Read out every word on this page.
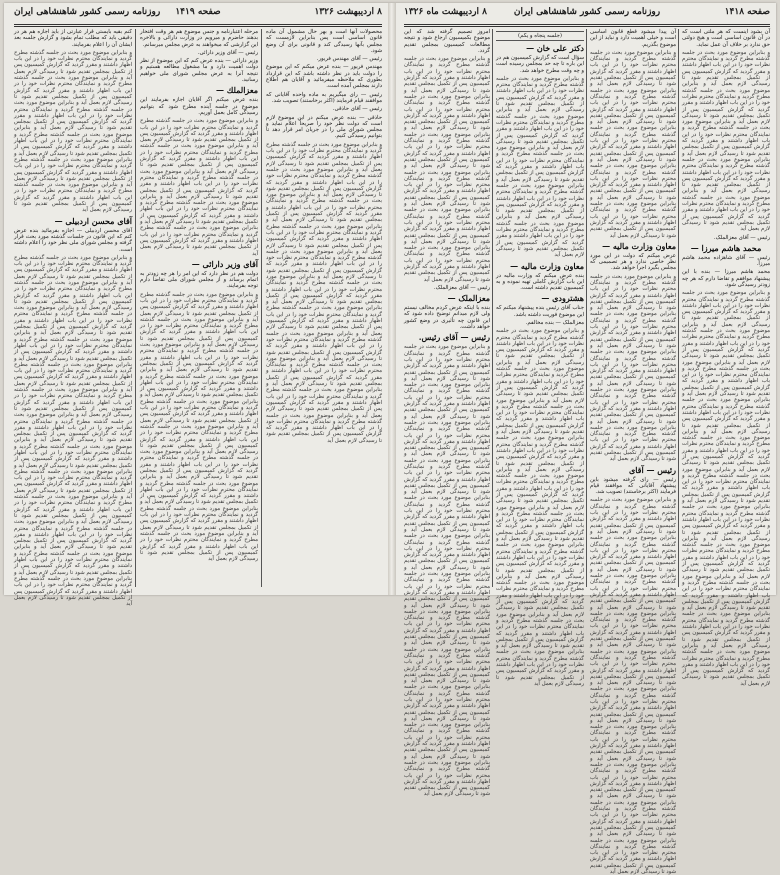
۸ اردیبهشت ۱۳۲۶
صفحه ۱۴۱۹
روزنامه رسمی کشور شاهنشاهی ایران
محصولات آنها است و بهر حال مشمول آن ماده قانون اساسی است پس بنابراین لازمست که مجلس بآنها رسیدگی کند و قانونی برای آن وضع شود.
رئیس — آقای مهندس فریور.
مهندس فریور — بنده عرض میکنم که این موضوع را دولت باید در نظر داشته باشد که این قرارداد بطوری که ملاحظه میفرمائید و آقایان هم اطلاع دارند بمجلس آمده است.
رئیس — رای میگیریم به ماده واحده آقایانی که موافقند قیام فرمایند (اکثر برخاستند) تصویب شد.
رئیس — آقای حاذقی.
حاذقی — بنده عرض میکنم در این موضوع لازم است که دولت نظر خود را صریحاً اعلام نماید و مجلس شورای ملی را در جریان امر قرار دهد تا بتوانیم رسیدگی کنیم.
و بنابراین موضوع مورد بحث در جلسه گذشته مطرح گردید و نمایندگان محترم نظرات خود را در این باب اظهار داشتند و مقرر گردید که گزارش کمیسیون پس از تکمیل بمجلس تقدیم شود تا رسیدگی لازم بعمل آید و بنابراین موضوع مورد بحث در جلسه گذشته مطرح گردید و نمایندگان محترم نظرات خود را در این باب اظهار داشتند و مقرر گردید که گزارش کمیسیون پس از تکمیل بمجلس تقدیم شود تا رسیدگی لازم بعمل آید و بنابراین موضوع مورد بحث در جلسه گذشته مطرح گردید و نمایندگان محترم نظرات خود را در این باب اظهار داشتند و مقرر گردید که گزارش کمیسیون پس از تکمیل بمجلس تقدیم شود تا رسیدگی لازم بعمل آید و بنابراین موضوع مورد بحث در جلسه گذشته مطرح گردید و نمایندگان محترم نظرات خود را در این باب اظهار داشتند و مقرر گردید که گزارش کمیسیون پس از تکمیل بمجلس تقدیم شود تا رسیدگی لازم بعمل آید و بنابراین موضوع مورد بحث در جلسه گذشته مطرح گردید و نمایندگان محترم نظرات خود را در این باب اظهار داشتند و مقرر گردید که گزارش کمیسیون پس از تکمیل بمجلس تقدیم شود تا رسیدگی لازم بعمل آید و بنابراین موضوع مورد بحث در جلسه گذشته مطرح گردید و نمایندگان محترم نظرات خود را در این باب اظهار داشتند و مقرر گردید که گزارش کمیسیون پس از تکمیل بمجلس تقدیم شود تا رسیدگی لازم بعمل آید و بنابراین موضوع مورد بحث در جلسه گذشته مطرح گردید و نمایندگان محترم نظرات خود را در این باب اظهار داشتند و مقرر گردید که گزارش کمیسیون پس از تکمیل بمجلس تقدیم شود تا رسیدگی لازم بعمل آید و بنابراین موضوع مورد بحث در جلسه گذشته مطرح گردید و نمایندگان محترم نظرات خود را در این باب اظهار داشتند و مقرر گردید که گزارش کمیسیون پس از تکمیل بمجلس تقدیم شود تا رسیدگی لازم بعمل آید و بنابراین موضوع مورد بحث در جلسه گذشته مطرح گردید و نمایندگان محترم نظرات خود را در این باب اظهار داشتند و مقرر گردید که گزارش کمیسیون پس از تکمیل بمجلس تقدیم شود تا رسیدگی لازم بعمل آید و بنابراین موضوع مورد بحث در جلسه گذشته مطرح گردید و نمایندگان محترم نظرات خود را در این باب اظهار داشتند و مقرر گردید که گزارش کمیسیون پس از تکمیل بمجلس تقدیم شود تا رسیدگی لازم بعمل آید و بنابراین موضوع مورد بحث در جلسه گذشته مطرح گردید و نمایندگان محترم نظرات خود را در این باب اظهار داشتند و مقرر گردید که گزارش کمیسیون پس از تکمیل بمجلس تقدیم شود تا رسیدگی لازم بعمل آید
مرحله اعتبارنامه و جنس موضوع هم هر وقت افتخار بدهند حاضرم و میرویم در وزارت دارائی و بالاخره این گزارشی که میخواهند به عرض مجلس میرسانم.
رئیس — آقای وزیر دارائی.
وزیر دارائی — بنده عرض کنم که این موضوع از نظر دولت اهمیت دارد و ما مشغول مطالعه هستیم و نتیجه آنرا به عرض مجلس شورای ملی خواهیم رسانید.
معزالملك —
بنده عرض میکنم اگر آقایان اجازه بفرمایند این موضوع در جلسه آینده مطرح شود که بتوانیم رسیدگی کامل بعمل آوریم.
و بنابراین موضوع مورد بحث در جلسه گذشته مطرح گردید و نمایندگان محترم نظرات خود را در این باب اظهار داشتند و مقرر گردید که گزارش کمیسیون پس از تکمیل بمجلس تقدیم شود تا رسیدگی لازم بعمل آید و بنابراین موضوع مورد بحث در جلسه گذشته مطرح گردید و نمایندگان محترم نظرات خود را در این باب اظهار داشتند و مقرر گردید که گزارش کمیسیون پس از تکمیل بمجلس تقدیم شود تا رسیدگی لازم بعمل آید و بنابراین موضوع مورد بحث در جلسه گذشته مطرح گردید و نمایندگان محترم نظرات خود را در این باب اظهار داشتند و مقرر گردید که گزارش کمیسیون پس از تکمیل بمجلس تقدیم شود تا رسیدگی لازم بعمل آید و بنابراین موضوع مورد بحث در جلسه گذشته مطرح گردید و نمایندگان محترم نظرات خود را در این باب اظهار داشتند و مقرر گردید که گزارش کمیسیون پس از تکمیل بمجلس تقدیم شود تا رسیدگی لازم بعمل آید و بنابراین موضوع مورد بحث در جلسه گذشته مطرح گردید و نمایندگان محترم نظرات خود را در این باب اظهار داشتند و مقرر گردید که گزارش کمیسیون پس از تکمیل بمجلس تقدیم شود تا رسیدگی لازم بعمل آید
آقای وزیر دارائی —
دولت هم در نظر دارد که این امر را هر چه زودتر به اتمام برساند و از مجلس شورای ملی تقاضا دارم توجه بفرمایند.
و بنابراین موضوع مورد بحث در جلسه گذشته مطرح گردید و نمایندگان محترم نظرات خود را در این باب اظهار داشتند و مقرر گردید که گزارش کمیسیون پس از تکمیل بمجلس تقدیم شود تا رسیدگی لازم بعمل آید و بنابراین موضوع مورد بحث در جلسه گذشته مطرح گردید و نمایندگان محترم نظرات خود را در این باب اظهار داشتند و مقرر گردید که گزارش کمیسیون پس از تکمیل بمجلس تقدیم شود تا رسیدگی لازم بعمل آید و بنابراین موضوع مورد بحث در جلسه گذشته مطرح گردید و نمایندگان محترم نظرات خود را در این باب اظهار داشتند و مقرر گردید که گزارش کمیسیون پس از تکمیل بمجلس تقدیم شود تا رسیدگی لازم بعمل آید و بنابراین موضوع مورد بحث در جلسه گذشته مطرح گردید و نمایندگان محترم نظرات خود را در این باب اظهار داشتند و مقرر گردید که گزارش کمیسیون پس از تکمیل بمجلس تقدیم شود تا رسیدگی لازم بعمل آید و بنابراین موضوع مورد بحث در جلسه گذشته مطرح گردید و نمایندگان محترم نظرات خود را در این باب اظهار داشتند و مقرر گردید که گزارش کمیسیون پس از تکمیل بمجلس تقدیم شود تا رسیدگی لازم بعمل آید و بنابراین موضوع مورد بحث در جلسه گذشته مطرح گردید و نمایندگان محترم نظرات خود را در این باب اظهار داشتند و مقرر گردید که گزارش کمیسیون پس از تکمیل بمجلس تقدیم شود تا رسیدگی لازم بعمل آید و بنابراین موضوع مورد بحث در جلسه گذشته مطرح گردید و نمایندگان محترم نظرات خود را در این باب اظهار داشتند و مقرر گردید که گزارش کمیسیون پس از تکمیل بمجلس تقدیم شود تا رسیدگی لازم بعمل آید و بنابراین موضوع مورد بحث در جلسه گذشته مطرح گردید و نمایندگان محترم نظرات خود را در این باب اظهار داشتند و مقرر گردید که گزارش کمیسیون پس از تکمیل بمجلس تقدیم شود تا رسیدگی لازم بعمل آید و بنابراین موضوع مورد بحث در جلسه گذشته مطرح گردید و نمایندگان محترم نظرات خود را در این باب اظهار داشتند و مقرر گردید که گزارش کمیسیون پس از تکمیل بمجلس تقدیم شود تا رسیدگی لازم بعمل آید و بنابراین موضوع مورد بحث در جلسه گذشته مطرح گردید و نمایندگان محترم نظرات خود را در این باب اظهار داشتند و مقرر گردید که گزارش کمیسیون پس از تکمیل بمجلس تقدیم شود تا رسیدگی لازم بعمل آید
کنم بقیه بایستی قرار عبارتی از باید اجازه هم هر در دقیقی باید که مطلب تمام بشود و گزارش جلسه بعد ایشان آن را اعلام بفرمایند.
و بنابراین موضوع مورد بحث در جلسه گذشته مطرح گردید و نمایندگان محترم نظرات خود را در این باب اظهار داشتند و مقرر گردید که گزارش کمیسیون پس از تکمیل بمجلس تقدیم شود تا رسیدگی لازم بعمل آید و بنابراین موضوع مورد بحث در جلسه گذشته مطرح گردید و نمایندگان محترم نظرات خود را در این باب اظهار داشتند و مقرر گردید که گزارش کمیسیون پس از تکمیل بمجلس تقدیم شود تا رسیدگی لازم بعمل آید و بنابراین موضوع مورد بحث در جلسه گذشته مطرح گردید و نمایندگان محترم نظرات خود را در این باب اظهار داشتند و مقرر گردید که گزارش کمیسیون پس از تکمیل بمجلس تقدیم شود تا رسیدگی لازم بعمل آید و بنابراین موضوع مورد بحث در جلسه گذشته مطرح گردید و نمایندگان محترم نظرات خود را در این باب اظهار داشتند و مقرر گردید که گزارش کمیسیون پس از تکمیل بمجلس تقدیم شود تا رسیدگی لازم بعمل آید و بنابراین موضوع مورد بحث در جلسه گذشته مطرح گردید و نمایندگان محترم نظرات خود را در این باب اظهار داشتند و مقرر گردید که گزارش کمیسیون پس از تکمیل بمجلس تقدیم شود تا رسیدگی لازم بعمل آید و بنابراین موضوع مورد بحث در جلسه گذشته مطرح گردید و نمایندگان محترم نظرات خود را در این باب اظهار داشتند و مقرر گردید که گزارش کمیسیون پس از تکمیل بمجلس تقدیم شود تا رسیدگی لازم بعمل آید
آقای محسن اردبیلی —
آقای محسن اردبیلی — اجازه بفرمائید بنده عرض کنم که این قانون در جلسات گذشته مورد بحث قرار گرفته و مجلس شورای ملی نظر خود را اعلام داشته است.
و بنابراین موضوع مورد بحث در جلسه گذشته مطرح گردید و نمایندگان محترم نظرات خود را در این باب اظهار داشتند و مقرر گردید که گزارش کمیسیون پس از تکمیل بمجلس تقدیم شود تا رسیدگی لازم بعمل آید و بنابراین موضوع مورد بحث در جلسه گذشته مطرح گردید و نمایندگان محترم نظرات خود را در این باب اظهار داشتند و مقرر گردید که گزارش کمیسیون پس از تکمیل بمجلس تقدیم شود تا رسیدگی لازم بعمل آید و بنابراین موضوع مورد بحث در جلسه گذشته مطرح گردید و نمایندگان محترم نظرات خود را در این باب اظهار داشتند و مقرر گردید که گزارش کمیسیون پس از تکمیل بمجلس تقدیم شود تا رسیدگی لازم بعمل آید و بنابراین موضوع مورد بحث در جلسه گذشته مطرح گردید و نمایندگان محترم نظرات خود را در این باب اظهار داشتند و مقرر گردید که گزارش کمیسیون پس از تکمیل بمجلس تقدیم شود تا رسیدگی لازم بعمل آید و بنابراین موضوع مورد بحث در جلسه گذشته مطرح گردید و نمایندگان محترم نظرات خود را در این باب اظهار داشتند و مقرر گردید که گزارش کمیسیون پس از تکمیل بمجلس تقدیم شود تا رسیدگی لازم بعمل آید و بنابراین موضوع مورد بحث در جلسه گذشته مطرح گردید و نمایندگان محترم نظرات خود را در این باب اظهار داشتند و مقرر گردید که گزارش کمیسیون پس از تکمیل بمجلس تقدیم شود تا رسیدگی لازم بعمل آید و بنابراین موضوع مورد بحث در جلسه گذشته مطرح گردید و نمایندگان محترم نظرات خود را در این باب اظهار داشتند و مقرر گردید که گزارش کمیسیون پس از تکمیل بمجلس تقدیم شود تا رسیدگی لازم بعمل آید و بنابراین موضوع مورد بحث در جلسه گذشته مطرح گردید و نمایندگان محترم نظرات خود را در این باب اظهار داشتند و مقرر گردید که گزارش کمیسیون پس از تکمیل بمجلس تقدیم شود تا رسیدگی لازم بعمل آید و بنابراین موضوع مورد بحث در جلسه گذشته مطرح گردید و نمایندگان محترم نظرات خود را در این باب اظهار داشتند و مقرر گردید که گزارش کمیسیون پس از تکمیل بمجلس تقدیم شود تا رسیدگی لازم بعمل آید و بنابراین موضوع مورد بحث در جلسه گذشته مطرح گردید و نمایندگان محترم نظرات خود را در این باب اظهار داشتند و مقرر گردید که گزارش کمیسیون پس از تکمیل بمجلس تقدیم شود تا رسیدگی لازم بعمل آید و بنابراین موضوع مورد بحث در جلسه گذشته مطرح گردید و نمایندگان محترم نظرات خود را در این باب اظهار داشتند و مقرر گردید که گزارش کمیسیون پس از تکمیل بمجلس تقدیم شود تا رسیدگی لازم بعمل آید و بنابراین موضوع مورد بحث در جلسه گذشته مطرح گردید و نمایندگان محترم نظرات خود را در این باب اظهار داشتند و مقرر گردید که گزارش کمیسیون پس از تکمیل بمجلس تقدیم شود تا رسیدگی لازم بعمل آید و بنابراین موضوع مورد بحث در جلسه گذشته مطرح گردید و نمایندگان محترم نظرات خود را در این باب اظهار داشتند و مقرر گردید که گزارش کمیسیون پس از تکمیل بمجلس تقدیم شود تا رسیدگی لازم بعمل آید
صفحه ۱۴۱۸
روزنامه رسمی کشور شاهنشاهی ایران
۸ اردیبهشت ماه ۱۳۲۶
آن بشود اینست که هر ملتی است که در آن قانون اساسی است و هیچ دولتی حق ندارد بر خلاف آن عمل نماید.
و بنابراین موضوع مورد بحث در جلسه گذشته مطرح گردید و نمایندگان محترم نظرات خود را در این باب اظهار داشتند و مقرر گردید که گزارش کمیسیون پس از تکمیل بمجلس تقدیم شود تا رسیدگی لازم بعمل آید و بنابراین موضوع مورد بحث در جلسه گذشته مطرح گردید و نمایندگان محترم نظرات خود را در این باب اظهار داشتند و مقرر گردید که گزارش کمیسیون پس از تکمیل بمجلس تقدیم شود تا رسیدگی لازم بعمل آید و بنابراین موضوع مورد بحث در جلسه گذشته مطرح گردید و نمایندگان محترم نظرات خود را در این باب اظهار داشتند و مقرر گردید که گزارش کمیسیون پس از تکمیل بمجلس تقدیم شود تا رسیدگی لازم بعمل آید و بنابراین موضوع مورد بحث در جلسه گذشته مطرح گردید و نمایندگان محترم نظرات خود را در این باب اظهار داشتند و مقرر گردید که گزارش کمیسیون پس از تکمیل بمجلس تقدیم شود تا رسیدگی لازم بعمل آید و بنابراین موضوع مورد بحث در جلسه گذشته مطرح گردید و نمایندگان محترم نظرات خود را در این باب اظهار داشتند و مقرر گردید که گزارش کمیسیون پس از تکمیل بمجلس تقدیم شود تا رسیدگی لازم بعمل آید
رئیس — آقای معزالملک.
محمد هاشم میرزا —
رئیس — آقای شاهزاده محمد هاشم میرزا.
محمد هاشم میرزا — بنده با این پیشنهاد موافقم و تقاضا دارم که هر چه زودتر رسیدگی شود.
و بنابراین موضوع مورد بحث در جلسه گذشته مطرح گردید و نمایندگان محترم نظرات خود را در این باب اظهار داشتند و مقرر گردید که گزارش کمیسیون پس از تکمیل بمجلس تقدیم شود تا رسیدگی لازم بعمل آید و بنابراین موضوع مورد بحث در جلسه گذشته مطرح گردید و نمایندگان محترم نظرات خود را در این باب اظهار داشتند و مقرر گردید که گزارش کمیسیون پس از تکمیل بمجلس تقدیم شود تا رسیدگی لازم بعمل آید و بنابراین موضوع مورد بحث در جلسه گذشته مطرح گردید و نمایندگان محترم نظرات خود را در این باب اظهار داشتند و مقرر گردید که گزارش کمیسیون پس از تکمیل بمجلس تقدیم شود تا رسیدگی لازم بعمل آید و بنابراین موضوع مورد بحث در جلسه گذشته مطرح گردید و نمایندگان محترم نظرات خود را در این باب اظهار داشتند و مقرر گردید که گزارش کمیسیون پس از تکمیل بمجلس تقدیم شود تا رسیدگی لازم بعمل آید و بنابراین موضوع مورد بحث در جلسه گذشته مطرح گردید و نمایندگان محترم نظرات خود را در این باب اظهار داشتند و مقرر گردید که گزارش کمیسیون پس از تکمیل بمجلس تقدیم شود تا رسیدگی لازم بعمل آید و بنابراین موضوع مورد بحث در جلسه گذشته مطرح گردید و نمایندگان محترم نظرات خود را در این باب اظهار داشتند و مقرر گردید که گزارش کمیسیون پس از تکمیل بمجلس تقدیم شود تا رسیدگی لازم بعمل آید و بنابراین موضوع مورد بحث در جلسه گذشته مطرح گردید و نمایندگان محترم نظرات خود را در این باب اظهار داشتند و مقرر گردید که گزارش کمیسیون پس از تکمیل بمجلس تقدیم شود تا رسیدگی لازم بعمل آید و بنابراین موضوع مورد بحث در جلسه گذشته مطرح گردید و نمایندگان محترم نظرات خود را در این باب اظهار داشتند و مقرر گردید که گزارش کمیسیون پس از تکمیل بمجلس تقدیم شود تا رسیدگی لازم بعمل آید و بنابراین موضوع مورد بحث در جلسه گذشته مطرح گردید و نمایندگان محترم نظرات خود را در این باب اظهار داشتند و مقرر گردید که گزارش کمیسیون پس از تکمیل بمجلس تقدیم شود تا رسیدگی لازم بعمل آید و بنابراین موضوع مورد بحث در جلسه گذشته مطرح گردید و نمایندگان محترم نظرات خود را در این باب اظهار داشتند و مقرر گردید که گزارش کمیسیون پس از تکمیل بمجلس تقدیم شود تا رسیدگی لازم بعمل آید و بنابراین موضوع مورد بحث در جلسه گذشته مطرح گردید و نمایندگان محترم نظرات خود را در این باب اظهار داشتند و مقرر گردید که گزارش کمیسیون پس از تکمیل بمجلس تقدیم شود تا رسیدگی لازم بعمل آید
آن پیدا میشود قطع قانون اساسی است و خیلی اهمیت دارد و نباید از این موضوع بگذریم.
و بنابراین موضوع مورد بحث در جلسه گذشته مطرح گردید و نمایندگان محترم نظرات خود را در این باب اظهار داشتند و مقرر گردید که گزارش کمیسیون پس از تکمیل بمجلس تقدیم شود تا رسیدگی لازم بعمل آید و بنابراین موضوع مورد بحث در جلسه گذشته مطرح گردید و نمایندگان محترم نظرات خود را در این باب اظهار داشتند و مقرر گردید که گزارش کمیسیون پس از تکمیل بمجلس تقدیم شود تا رسیدگی لازم بعمل آید و بنابراین موضوع مورد بحث در جلسه گذشته مطرح گردید و نمایندگان محترم نظرات خود را در این باب اظهار داشتند و مقرر گردید که گزارش کمیسیون پس از تکمیل بمجلس تقدیم شود تا رسیدگی لازم بعمل آید و بنابراین موضوع مورد بحث در جلسه گذشته مطرح گردید و نمایندگان محترم نظرات خود را در این باب اظهار داشتند و مقرر گردید که گزارش کمیسیون پس از تکمیل بمجلس تقدیم شود تا رسیدگی لازم بعمل آید و بنابراین موضوع مورد بحث در جلسه گذشته مطرح گردید و نمایندگان محترم نظرات خود را در این باب اظهار داشتند و مقرر گردید که گزارش کمیسیون پس از تکمیل بمجلس تقدیم شود تا رسیدگی لازم بعمل آید
معاون وزارت مالیه —
عرض میکنم که دولت در این مورد نظر خاصی ندارد و هر تصمیمی که مجلس بگیرد اجرا خواهد شد.
و بنابراین موضوع مورد بحث در جلسه گذشته مطرح گردید و نمایندگان محترم نظرات خود را در این باب اظهار داشتند و مقرر گردید که گزارش کمیسیون پس از تکمیل بمجلس تقدیم شود تا رسیدگی لازم بعمل آید و بنابراین موضوع مورد بحث در جلسه گذشته مطرح گردید و نمایندگان محترم نظرات خود را در این باب اظهار داشتند و مقرر گردید که گزارش کمیسیون پس از تکمیل بمجلس تقدیم شود تا رسیدگی لازم بعمل آید و بنابراین موضوع مورد بحث در جلسه گذشته مطرح گردید و نمایندگان محترم نظرات خود را در این باب اظهار داشتند و مقرر گردید که گزارش کمیسیون پس از تکمیل بمجلس تقدیم شود تا رسیدگی لازم بعمل آید و بنابراین موضوع مورد بحث در جلسه گذشته مطرح گردید و نمایندگان محترم نظرات خود را در این باب اظهار داشتند و مقرر گردید که گزارش کمیسیون پس از تکمیل بمجلس تقدیم شود تا رسیدگی لازم بعمل آید و بنابراین موضوع مورد بحث در جلسه گذشته مطرح گردید و نمایندگان محترم نظرات خود را در این باب اظهار داشتند و مقرر گردید که گزارش کمیسیون پس از تکمیل بمجلس تقدیم شود تا رسیدگی لازم بعمل آید
رئیس — آقای
رئیس — رای گرفته میشود باین پیشنهاد آقایانی که موافقند قیام فرمایند (اکثر برخاستند) تصویب شد.
و بنابراین موضوع مورد بحث در جلسه گذشته مطرح گردید و نمایندگان محترم نظرات خود را در این باب اظهار داشتند و مقرر گردید که گزارش کمیسیون پس از تکمیل بمجلس تقدیم شود تا رسیدگی لازم بعمل آید و بنابراین موضوع مورد بحث در جلسه گذشته مطرح گردید و نمایندگان محترم نظرات خود را در این باب اظهار داشتند و مقرر گردید که گزارش کمیسیون پس از تکمیل بمجلس تقدیم شود تا رسیدگی لازم بعمل آید و بنابراین موضوع مورد بحث در جلسه گذشته مطرح گردید و نمایندگان محترم نظرات خود را در این باب اظهار داشتند و مقرر گردید که گزارش کمیسیون پس از تکمیل بمجلس تقدیم شود تا رسیدگی لازم بعمل آید و بنابراین موضوع مورد بحث در جلسه گذشته مطرح گردید و نمایندگان محترم نظرات خود را در این باب اظهار داشتند و مقرر گردید که گزارش کمیسیون پس از تکمیل بمجلس تقدیم شود تا رسیدگی لازم بعمل آید و بنابراین موضوع مورد بحث در جلسه گذشته مطرح گردید و نمایندگان محترم نظرات خود را در این باب اظهار داشتند و مقرر گردید که گزارش کمیسیون پس از تکمیل بمجلس تقدیم شود تا رسیدگی لازم بعمل آید و بنابراین موضوع مورد بحث در جلسه گذشته مطرح گردید و نمایندگان محترم نظرات خود را در این باب اظهار داشتند و مقرر گردید که گزارش کمیسیون پس از تکمیل بمجلس تقدیم شود تا رسیدگی لازم بعمل آید و بنابراین موضوع مورد بحث در جلسه گذشته مطرح گردید و نمایندگان محترم نظرات خود را در این باب اظهار داشتند و مقرر گردید که گزارش کمیسیون پس از تکمیل بمجلس تقدیم شود تا رسیدگی لازم بعمل آید و بنابراین موضوع مورد بحث در جلسه گذشته مطرح گردید و نمایندگان محترم نظرات خود را در این باب اظهار داشتند و مقرر گردید که گزارش کمیسیون پس از تکمیل بمجلس تقدیم شود تا رسیدگی لازم بعمل آید و بنابراین موضوع مورد بحث در جلسه گذشته مطرح گردید و نمایندگان محترم نظرات خود را در این باب اظهار داشتند و مقرر گردید که گزارش کمیسیون پس از تکمیل بمجلس تقدیم شود تا رسیدگی لازم بعمل آید و بنابراین موضوع مورد بحث در جلسه گذشته مطرح گردید و نمایندگان محترم نظرات خود را در این باب اظهار داشتند و مقرر گردید که گزارش کمیسیون پس از تکمیل بمجلس تقدیم شود تا رسیدگی لازم بعمل آید
(جلسه پنجاه و یکم)
دکتر علی خان —
سؤال است که گزارش کمیسیون هم در این باره تا چه حد بمجلس رسیده است و چه وقت مطرح خواهد شد.
و بنابراین موضوع مورد بحث در جلسه گذشته مطرح گردید و نمایندگان محترم نظرات خود را در این باب اظهار داشتند و مقرر گردید که گزارش کمیسیون پس از تکمیل بمجلس تقدیم شود تا رسیدگی لازم بعمل آید و بنابراین موضوع مورد بحث در جلسه گذشته مطرح گردید و نمایندگان محترم نظرات خود را در این باب اظهار داشتند و مقرر گردید که گزارش کمیسیون پس از تکمیل بمجلس تقدیم شود تا رسیدگی لازم بعمل آید و بنابراین موضوع مورد بحث در جلسه گذشته مطرح گردید و نمایندگان محترم نظرات خود را در این باب اظهار داشتند و مقرر گردید که گزارش کمیسیون پس از تکمیل بمجلس تقدیم شود تا رسیدگی لازم بعمل آید و بنابراین موضوع مورد بحث در جلسه گذشته مطرح گردید و نمایندگان محترم نظرات خود را در این باب اظهار داشتند و مقرر گردید که گزارش کمیسیون پس از تکمیل بمجلس تقدیم شود تا رسیدگی لازم بعمل آید و بنابراین موضوع مورد بحث در جلسه گذشته مطرح گردید و نمایندگان محترم نظرات خود را در این باب اظهار داشتند و مقرر گردید که گزارش کمیسیون پس از تکمیل بمجلس تقدیم شود تا رسیدگی لازم بعمل آید
معاون وزارت مالیه —
بنده عرض میکنم که وزارت مالیه در این باب گزارش کاملی تهیه نموده و به کمیسیون تقدیم داشته است.
هشترودی —
جناب آقای رئیس بنده پیشنهاد میکنم که این موضوع فوریت داشته باشد.
معزالملک — بنده مخالفم.
و بنابراین موضوع مورد بحث در جلسه گذشته مطرح گردید و نمایندگان محترم نظرات خود را در این باب اظهار داشتند و مقرر گردید که گزارش کمیسیون پس از تکمیل بمجلس تقدیم شود تا رسیدگی لازم بعمل آید و بنابراین موضوع مورد بحث در جلسه گذشته مطرح گردید و نمایندگان محترم نظرات خود را در این باب اظهار داشتند و مقرر گردید که گزارش کمیسیون پس از تکمیل بمجلس تقدیم شود تا رسیدگی لازم بعمل آید و بنابراین موضوع مورد بحث در جلسه گذشته مطرح گردید و نمایندگان محترم نظرات خود را در این باب اظهار داشتند و مقرر گردید که گزارش کمیسیون پس از تکمیل بمجلس تقدیم شود تا رسیدگی لازم بعمل آید و بنابراین موضوع مورد بحث در جلسه گذشته مطرح گردید و نمایندگان محترم نظرات خود را در این باب اظهار داشتند و مقرر گردید که گزارش کمیسیون پس از تکمیل بمجلس تقدیم شود تا رسیدگی لازم بعمل آید و بنابراین موضوع مورد بحث در جلسه گذشته مطرح گردید و نمایندگان محترم نظرات خود را در این باب اظهار داشتند و مقرر گردید که گزارش کمیسیون پس از تکمیل بمجلس تقدیم شود تا رسیدگی لازم بعمل آید و بنابراین موضوع مورد بحث در جلسه گذشته مطرح گردید و نمایندگان محترم نظرات خود را در این باب اظهار داشتند و مقرر گردید که گزارش کمیسیون پس از تکمیل بمجلس تقدیم شود تا رسیدگی لازم بعمل آید و بنابراین موضوع مورد بحث در جلسه گذشته مطرح گردید و نمایندگان محترم نظرات خود را در این باب اظهار داشتند و مقرر گردید که گزارش کمیسیون پس از تکمیل بمجلس تقدیم شود تا رسیدگی لازم بعمل آید و بنابراین موضوع مورد بحث در جلسه گذشته مطرح گردید و نمایندگان محترم نظرات خود را در این باب اظهار داشتند و مقرر گردید که گزارش کمیسیون پس از تکمیل بمجلس تقدیم شود تا رسیدگی لازم بعمل آید و بنابراین موضوع مورد بحث در جلسه گذشته مطرح گردید و نمایندگان محترم نظرات خود را در این باب اظهار داشتند و مقرر گردید که گزارش کمیسیون پس از تکمیل بمجلس تقدیم شود تا رسیدگی لازم بعمل آید و بنابراین موضوع مورد بحث در جلسه گذشته مطرح گردید و نمایندگان محترم نظرات خود را در این باب اظهار داشتند و مقرر گردید که گزارش کمیسیون پس از تکمیل بمجلس تقدیم شود تا رسیدگی لازم بعمل آید
امروز تصمیم گرفته شد که این موضوع بکمیسیون ارجاع شود و نتیجه مطالعات کمیسیون بمجلس تقدیم گردد.
و بنابراین موضوع مورد بحث در جلسه گذشته مطرح گردید و نمایندگان محترم نظرات خود را در این باب اظهار داشتند و مقرر گردید که گزارش کمیسیون پس از تکمیل بمجلس تقدیم شود تا رسیدگی لازم بعمل آید و بنابراین موضوع مورد بحث در جلسه گذشته مطرح گردید و نمایندگان محترم نظرات خود را در این باب اظهار داشتند و مقرر گردید که گزارش کمیسیون پس از تکمیل بمجلس تقدیم شود تا رسیدگی لازم بعمل آید و بنابراین موضوع مورد بحث در جلسه گذشته مطرح گردید و نمایندگان محترم نظرات خود را در این باب اظهار داشتند و مقرر گردید که گزارش کمیسیون پس از تکمیل بمجلس تقدیم شود تا رسیدگی لازم بعمل آید و بنابراین موضوع مورد بحث در جلسه گذشته مطرح گردید و نمایندگان محترم نظرات خود را در این باب اظهار داشتند و مقرر گردید که گزارش کمیسیون پس از تکمیل بمجلس تقدیم شود تا رسیدگی لازم بعمل آید و بنابراین موضوع مورد بحث در جلسه گذشته مطرح گردید و نمایندگان محترم نظرات خود را در این باب اظهار داشتند و مقرر گردید که گزارش کمیسیون پس از تکمیل بمجلس تقدیم شود تا رسیدگی لازم بعمل آید و بنابراین موضوع مورد بحث در جلسه گذشته مطرح گردید و نمایندگان محترم نظرات خود را در این باب اظهار داشتند و مقرر گردید که گزارش کمیسیون پس از تکمیل بمجلس تقدیم شود تا رسیدگی لازم بعمل آید
رئیس — آقای معزالملک.
معزالملک —
بنده با اینکه عرض کردم مخالف نیستم ولی لازم میدانم توضیح داده شود که این قانون چه تأثیری در وضع کشور خواهد داشت.
رئیس — آقای رئیس.
و بنابراین موضوع مورد بحث در جلسه گذشته مطرح گردید و نمایندگان محترم نظرات خود را در این باب اظهار داشتند و مقرر گردید که گزارش کمیسیون پس از تکمیل بمجلس تقدیم شود تا رسیدگی لازم بعمل آید و بنابراین موضوع مورد بحث در جلسه گذشته مطرح گردید و نمایندگان محترم نظرات خود را در این باب اظهار داشتند و مقرر گردید که گزارش کمیسیون پس از تکمیل بمجلس تقدیم شود تا رسیدگی لازم بعمل آید و بنابراین موضوع مورد بحث در جلسه گذشته مطرح گردید و نمایندگان محترم نظرات خود را در این باب اظهار داشتند و مقرر گردید که گزارش کمیسیون پس از تکمیل بمجلس تقدیم شود تا رسیدگی لازم بعمل آید و بنابراین موضوع مورد بحث در جلسه گذشته مطرح گردید و نمایندگان محترم نظرات خود را در این باب اظهار داشتند و مقرر گردید که گزارش کمیسیون پس از تکمیل بمجلس تقدیم شود تا رسیدگی لازم بعمل آید و بنابراین موضوع مورد بحث در جلسه گذشته مطرح گردید و نمایندگان محترم نظرات خود را در این باب اظهار داشتند و مقرر گردید که گزارش کمیسیون پس از تکمیل بمجلس تقدیم شود تا رسیدگی لازم بعمل آید و بنابراین موضوع مورد بحث در جلسه گذشته مطرح گردید و نمایندگان محترم نظرات خود را در این باب اظهار داشتند و مقرر گردید که گزارش کمیسیون پس از تکمیل بمجلس تقدیم شود تا رسیدگی لازم بعمل آید و بنابراین موضوع مورد بحث در جلسه گذشته مطرح گردید و نمایندگان محترم نظرات خود را در این باب اظهار داشتند و مقرر گردید که گزارش کمیسیون پس از تکمیل بمجلس تقدیم شود تا رسیدگی لازم بعمل آید و بنابراین موضوع مورد بحث در جلسه گذشته مطرح گردید و نمایندگان محترم نظرات خود را در این باب اظهار داشتند و مقرر گردید که گزارش کمیسیون پس از تکمیل بمجلس تقدیم شود تا رسیدگی لازم بعمل آید و بنابراین موضوع مورد بحث در جلسه گذشته مطرح گردید و نمایندگان محترم نظرات خود را در این باب اظهار داشتند و مقرر گردید که گزارش کمیسیون پس از تکمیل بمجلس تقدیم شود تا رسیدگی لازم بعمل آید و بنابراین موضوع مورد بحث در جلسه گذشته مطرح گردید و نمایندگان محترم نظرات خود را در این باب اظهار داشتند و مقرر گردید که گزارش کمیسیون پس از تکمیل بمجلس تقدیم شود تا رسیدگی لازم بعمل آید و بنابراین موضوع مورد بحث در جلسه گذشته مطرح گردید و نمایندگان محترم نظرات خود را در این باب اظهار داشتند و مقرر گردید که گزارش کمیسیون پس از تکمیل بمجلس تقدیم شود تا رسیدگی لازم بعمل آید و بنابراین موضوع مورد بحث در جلسه گذشته مطرح گردید و نمایندگان محترم نظرات خود را در این باب اظهار داشتند و مقرر گردید که گزارش کمیسیون پس از تکمیل بمجلس تقدیم شود تا رسیدگی لازم بعمل آید
